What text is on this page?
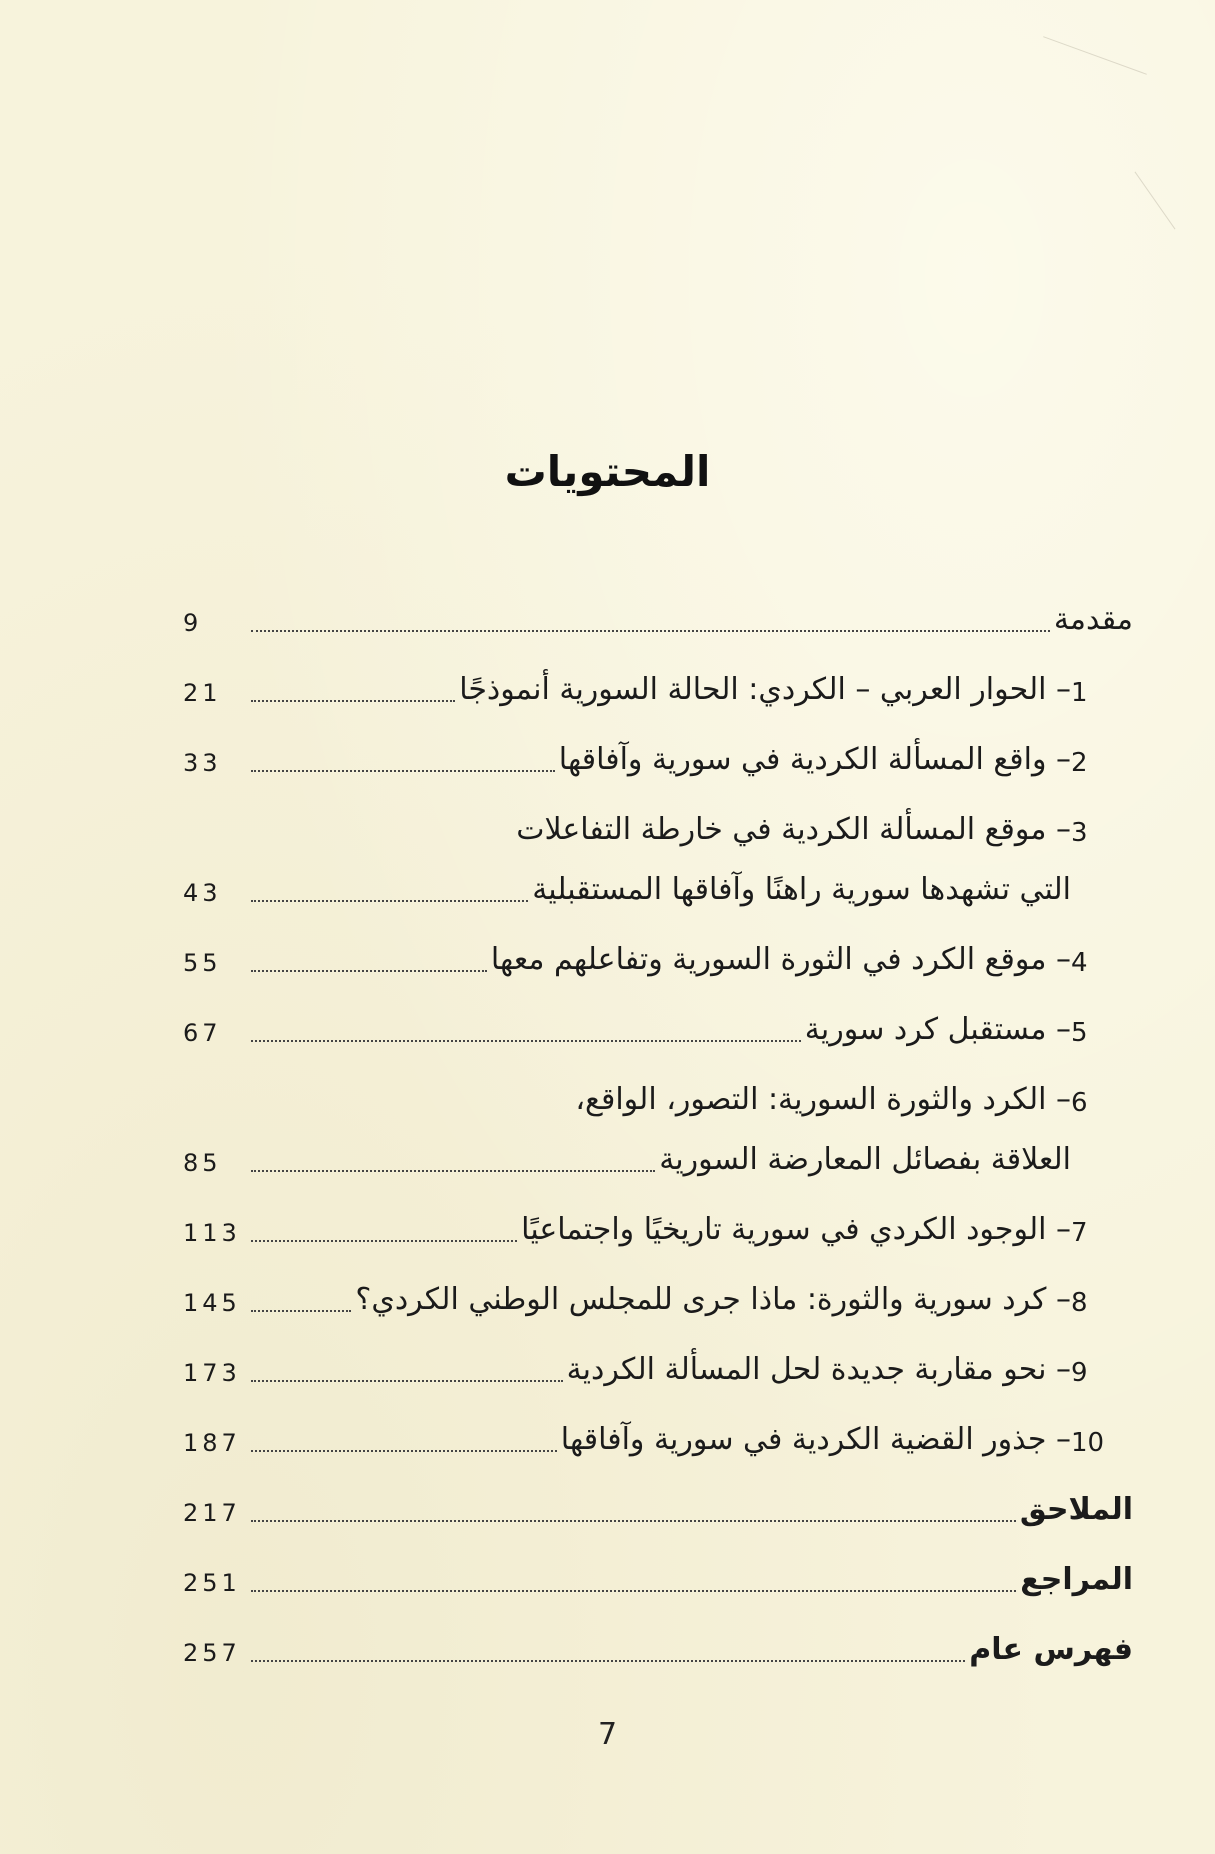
المحتويات
مقدمة
9
1
– الحوار العربي – الكردي: الحالة السورية أنموذجًا
21
2
– واقع المسألة الكردية في سورية وآفاقها
33
3
– موقع المسألة الكردية في خارطة التفاعلات
التي تشهدها سورية راهنًا وآفاقها المستقبلية
43
4
– موقع الكرد في الثورة السورية وتفاعلهم معها
55
5
– مستقبل كرد سورية
67
6
– الكرد والثورة السورية: التصور، الواقع،
العلاقة بفصائل المعارضة السورية
85
7
– الوجود الكردي في سورية تاريخيًا واجتماعيًا
113
8
– كرد سورية والثورة: ماذا جرى للمجلس الوطني الكردي؟
145
9
– نحو مقاربة جديدة لحل المسألة الكردية
173
10
– جذور القضية الكردية في سورية وآفاقها
187
الملاحق
217
المراجع
251
فهرس عام
257
7
